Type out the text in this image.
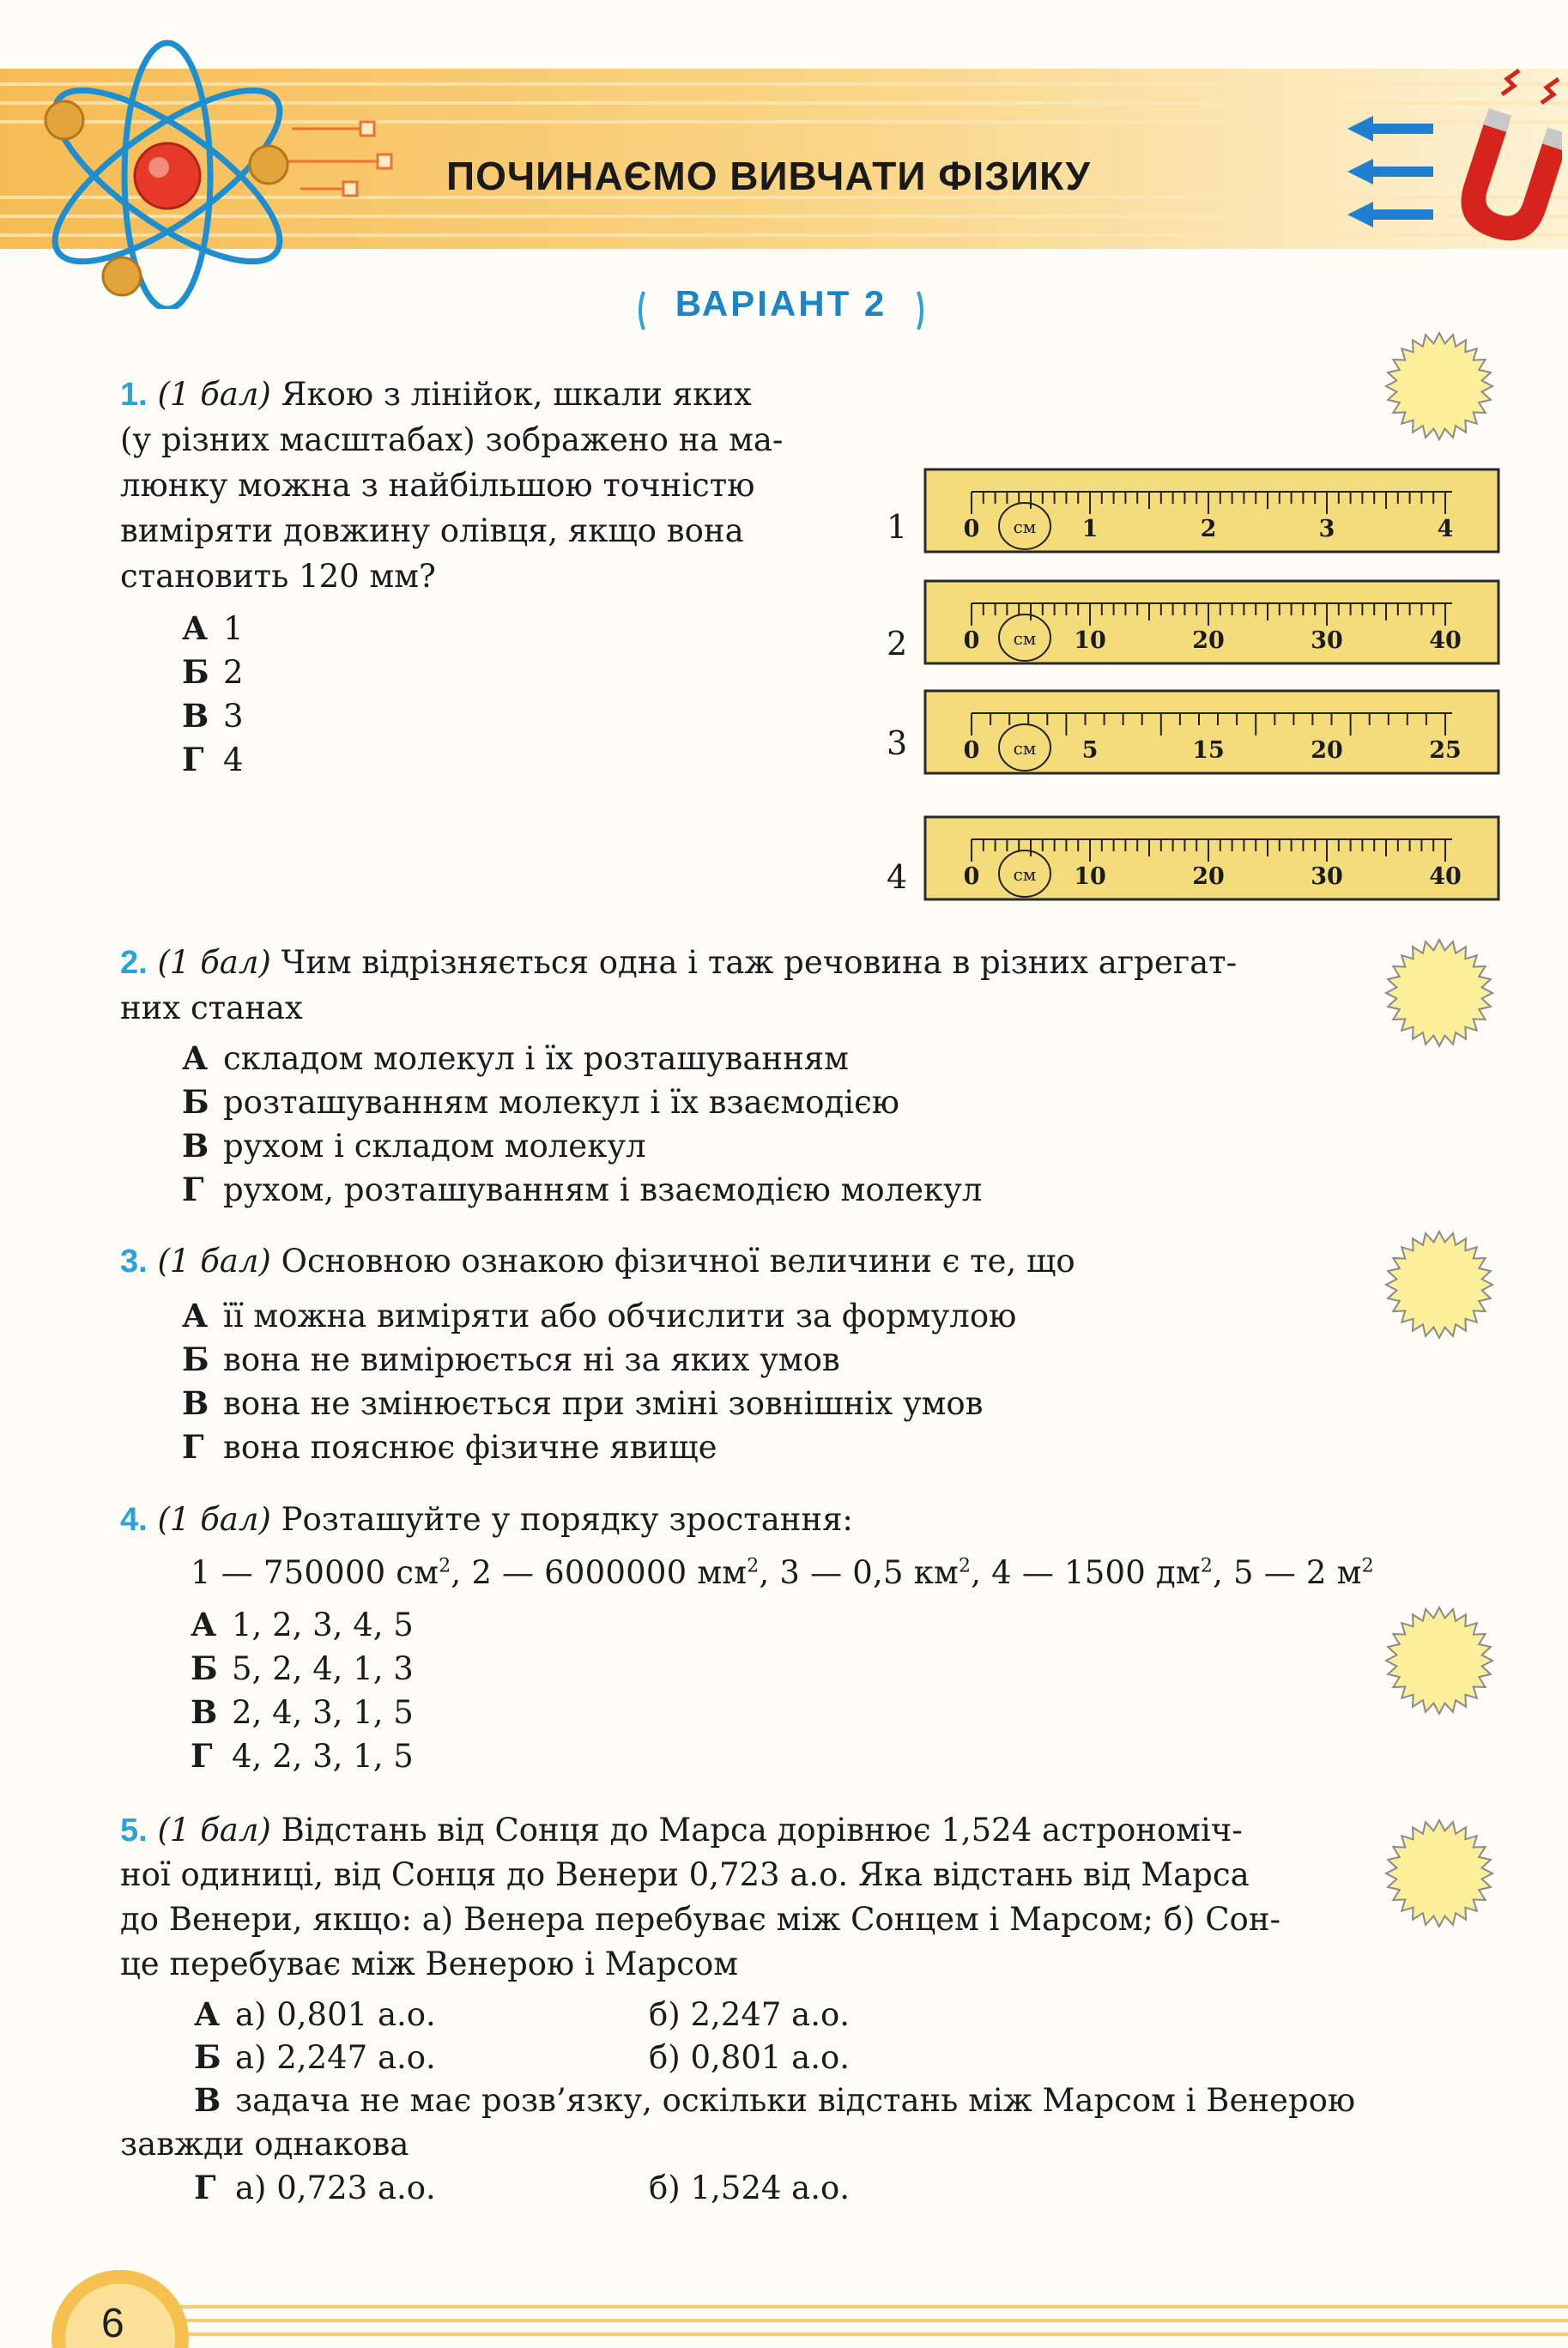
ПОЧИНАЄМО ВИВЧАТИ ФІЗИКУ
ВАРІАНТ 2
1. (1 бал) Якою з лінійок, шкали яких
(у різних масштабах) зображено на ма-
люнку можна з найбільшою точністю
виміряти довжину олівця, якщо вона
становить 120 мм?
А 1
Б 2
В 3
Г 4
1
2
3
4
0	1	2	3	4
см
0	10	20	30	40
см
0	5	15	20	25
см
0	10	20	30	40
см
2. (1 бал) Чим відрізняється одна і таж речовина в різних агрегат-
них станах
А складом молекул і їх розташуванням
Б розташуванням молекул і їх взаємодією
В рухом і складом молекул
Г рухом, розташуванням і взаємодією молекул
3. (1 бал) Основною ознакою фізичної величини є те, що
А її можна виміряти або обчислити за формулою
Б вона не вимірюється ні за яких умов
В вона не змінюється при зміні зовнішніх умов
Г вона пояснює фізичне явище
4. (1 бал) Розташуйте у порядку зростання:
1 — 750000 $см^2$, 2 — 6000000 $мм^2$, 3 — 0,5 $км^2$, 4 — 1500 $дм^2$, 5 — 2 $м^2$
А 1, 2, 3, 4, 5
Б 5, 2, 4, 1, 3
В 2, 4, 3, 1, 5
Г 4, 2, 3, 1, 5
5. (1 бал) Відстань від Сонця до Марса дорівнює 1,524 астрономіч-
ної одиниці, від Сонця до Венери 0,723 а.о. Яка відстань від Марса
до Венери, якщо: а) Венера перебуває між Сонцем і Марсом; б) Сон-
це перебуває між Венерою і Марсом
А а) 0,801 а.о.	б) 2,247 а.о.
Б а) 2,247 а.о.	б) 0,801 а.о.
В задача не має розв’язку, оскільки відстань між Марсом і Венерою
завжди однакова
Г а) 0,723 а.о.	б) 1,524 а.о.
6
